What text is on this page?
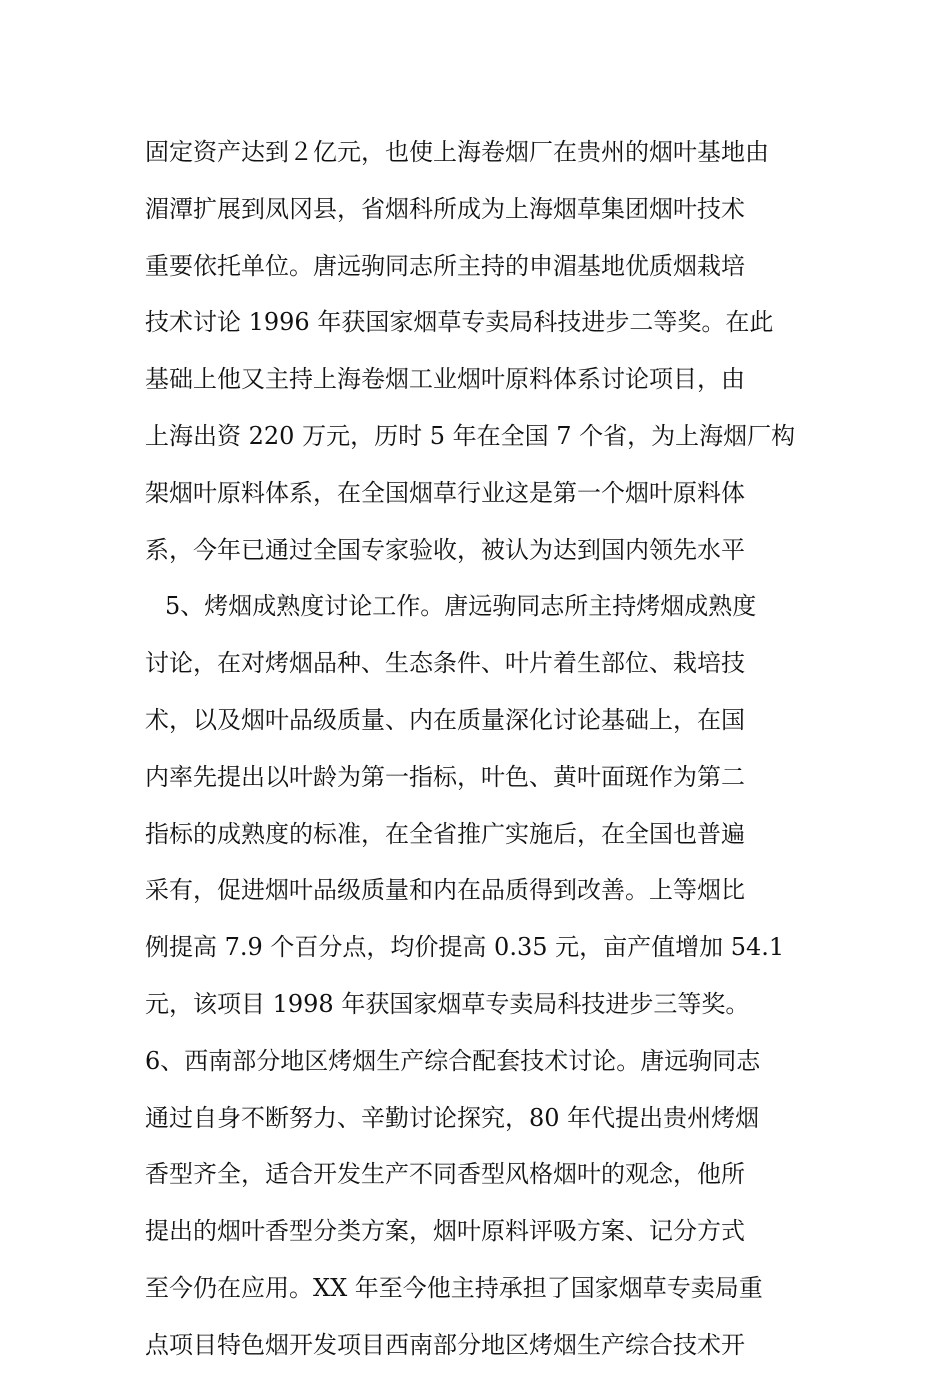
固定资产达到２亿元，也使上海卷烟厂在贵州的烟叶基地由
湄潭扩展到凤冈县，省烟科所成为上海烟草集团烟叶技术
重要依托单位。唐远驹同志所主持的申湄基地优质烟栽培
技术讨论 1996 年获国家烟草专卖局科技进步二等奖。在此
基础上他又主持上海卷烟工业烟叶原料体系讨论项目，由
上海出资 220 万元，历时 5 年在全国 7 个省，为上海烟厂构
架烟叶原料体系，在全国烟草行业这是第一个烟叶原料体
系，今年已通过全国专家验收，被认为达到国内领先水平
5、烤烟成熟度讨论工作。唐远驹同志所主持烤烟成熟度
讨论，在对烤烟品种、生态条件、叶片着生部位、栽培技
术，以及烟叶品级质量、内在质量深化讨论基础上，在国
内率先提出以叶龄为第一指标，叶色、黄叶面斑作为第二
指标的成熟度的标准，在全省推广实施后，在全国也普遍
采有，促进烟叶品级质量和内在品质得到改善。上等烟比
例提高 7.9 个百分点，均价提高 0.35 元，亩产值增加 54.1
元，该项目 1998 年获国家烟草专卖局科技进步三等奖。
6、西南部分地区烤烟生产综合配套技术讨论。唐远驹同志
通过自身不断努力、辛勤讨论探究，80 年代提出贵州烤烟
香型齐全，适合开发生产不同香型风格烟叶的观念，他所
提出的烟叶香型分类方案，烟叶原料评吸方案、记分方式
至今仍在应用。XX 年至今他主持承担了国家烟草专卖局重
点项目特色烟开发项目西南部分地区烤烟生产综合技术开
